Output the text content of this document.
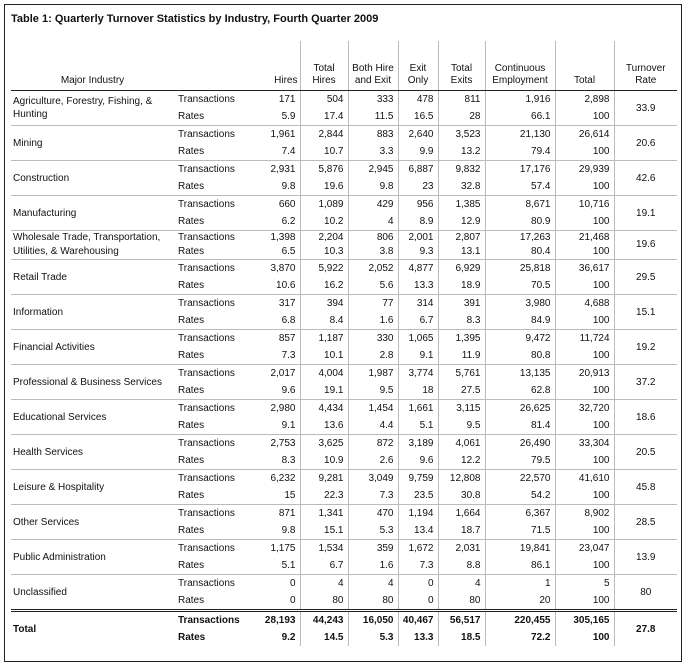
Table 1: Quarterly Turnover Statistics by Industry, Fourth Quarter 2009
Major Industry		Hires	Total Hires	Both Hire and Exit	Exit Only	Total Exits	Continuous Employment	Total	Turnover Rate
Agriculture, Forestry, Fishing, & Hunting	Transactions	171	504	333	478	811	1,916	2,898	33.9
	Rates	5.9	17.4	11.5	16.5	28	66.1	100	
Mining	Transactions	1,961	2,844	883	2,640	3,523	21,130	26,614	20.6
	Rates	7.4	10.7	3.3	9.9	13.2	79.4	100	
Construction	Transactions	2,931	5,876	2,945	6,887	9,832	17,176	29,939	42.6
	Rates	9.8	19.6	9.8	23	32.8	57.4	100	
Manufacturing	Transactions	660	1,089	429	956	1,385	8,671	10,716	19.1
	Rates	6.2	10.2	4	8.9	12.9	80.9	100	
Wholesale Trade, Transportation, Utilities, & Warehousing	Transactions	1,398	2,204	806	2,001	2,807	17,263	21,468	19.6
	Rates	6.5	10.3	3.8	9.3	13.1	80.4	100	
Retail Trade	Transactions	3,870	5,922	2,052	4,877	6,929	25,818	36,617	29.5
	Rates	10.6	16.2	5.6	13.3	18.9	70.5	100	
Information	Transactions	317	394	77	314	391	3,980	4,688	15.1
	Rates	6.8	8.4	1.6	6.7	8.3	84.9	100	
Financial Activities	Transactions	857	1,187	330	1,065	1,395	9,472	11,724	19.2
	Rates	7.3	10.1	2.8	9.1	11.9	80.8	100	
Professional & Business Services	Transactions	2,017	4,004	1,987	3,774	5,761	13,135	20,913	37.2
	Rates	9.6	19.1	9.5	18	27.5	62.8	100	
Educational Services	Transactions	2,980	4,434	1,454	1,661	3,115	26,625	32,720	18.6
	Rates	9.1	13.6	4.4	5.1	9.5	81.4	100	
Health Services	Transactions	2,753	3,625	872	3,189	4,061	26,490	33,304	20.5
	Rates	8.3	10.9	2.6	9.6	12.2	79.5	100	
Leisure & Hospitality	Transactions	6,232	9,281	3,049	9,759	12,808	22,570	41,610	45.8
	Rates	15	22.3	7.3	23.5	30.8	54.2	100	
Other Services	Transactions	871	1,341	470	1,194	1,664	6,367	8,902	28.5
	Rates	9.8	15.1	5.3	13.4	18.7	71.5	100	
Public Administration	Transactions	1,175	1,534	359	1,672	2,031	19,841	23,047	13.9
	Rates	5.1	6.7	1.6	7.3	8.8	86.1	100	
Unclassified	Transactions	0	4	4	0	4	1	5	80
	Rates	0	80	80	0	80	20	100	
Total	Transactions	28,193	44,243	16,050	40,467	56,517	220,455	305,165	27.8
	Rates	9.2	14.5	5.3	13.3	18.5	72.2	100	
